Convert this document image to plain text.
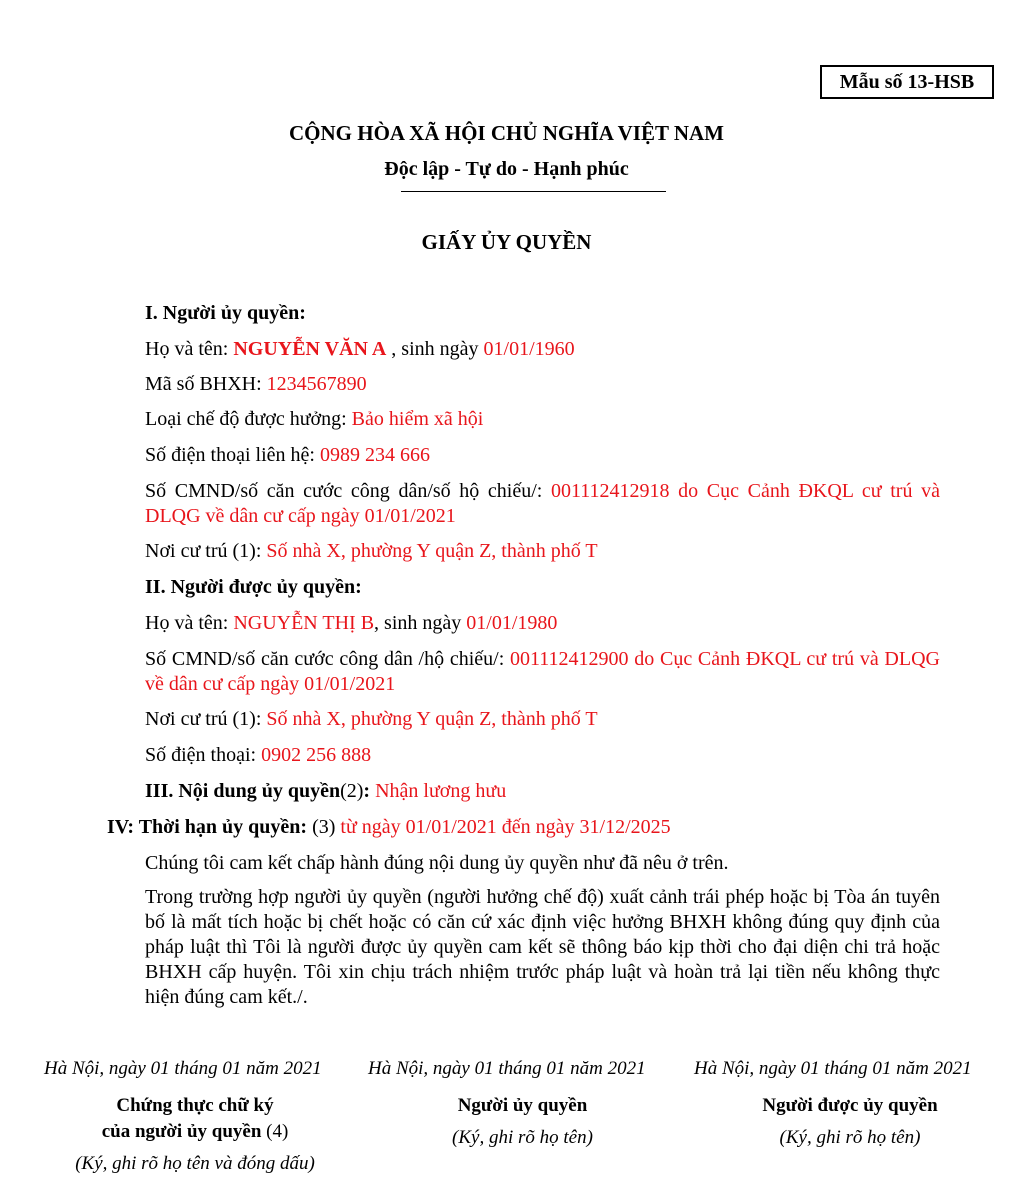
Mẫu số 13-HSB
CỘNG HÒA XÃ HỘI CHỦ NGHĨA VIỆT NAM
Độc lập - Tự do - Hạnh phúc
GIẤY ỦY QUYỀN
I. Người ủy quyền:
Họ và tên: NGUYỄN VĂN A , sinh ngày 01/01/1960
Mã số BHXH: 1234567890
Loại chế độ được hưởng: Bảo hiểm xã hội
Số điện thoại liên hệ: 0989 234 666
Số CMND/số căn cước công dân/số hộ chiếu/: 001112412918 do Cục Cảnh ĐKQL cư trú và DLQG về dân cư cấp ngày 01/01/2021
Nơi cư trú (1): Số nhà X, phường Y quận Z, thành phố T
II. Người được ủy quyền:
Họ và tên: NGUYỄN THỊ B, sinh ngày 01/01/1980
Số CMND/số căn cước công dân /hộ chiếu/: 001112412900 do Cục Cảnh ĐKQL cư trú và DLQG về dân cư cấp ngày 01/01/2021
Nơi cư trú (1): Số nhà X, phường Y quận Z, thành phố T
Số điện thoại: 0902 256 888
III. Nội dung ủy quyền(2): Nhận lương hưu
IV: Thời hạn ủy quyền: (3) từ ngày 01/01/2021 đến ngày 31/12/2025
Chúng tôi cam kết chấp hành đúng nội dung ủy quyền như đã nêu ở trên.
Trong trường hợp người ủy quyền (người hưởng chế độ) xuất cảnh trái phép hoặc bị Tòa án tuyên bố là mất tích hoặc bị chết hoặc có căn cứ xác định việc hưởng BHXH không đúng quy định của pháp luật thì Tôi là người được ủy quyền cam kết sẽ thông báo kịp thời cho đại diện chi trả hoặc BHXH cấp huyện. Tôi xin chịu trách nhiệm trước pháp luật và hoàn trả lại tiền nếu không thực hiện đúng cam kết./.
Hà Nội, ngày 01 tháng 01 năm 2021 Hà Nội, ngày 01 tháng 01 năm 2021	Hà Nội, ngày 01 tháng 01 năm 2021
Chứng thực chữ ký
của người ủy quyền (4)
(Ký, ghi rõ họ tên và đóng dấu)
Người ủy quyền
(Ký, ghi rõ họ tên)
Người được ủy quyền
(Ký, ghi rõ họ tên)
